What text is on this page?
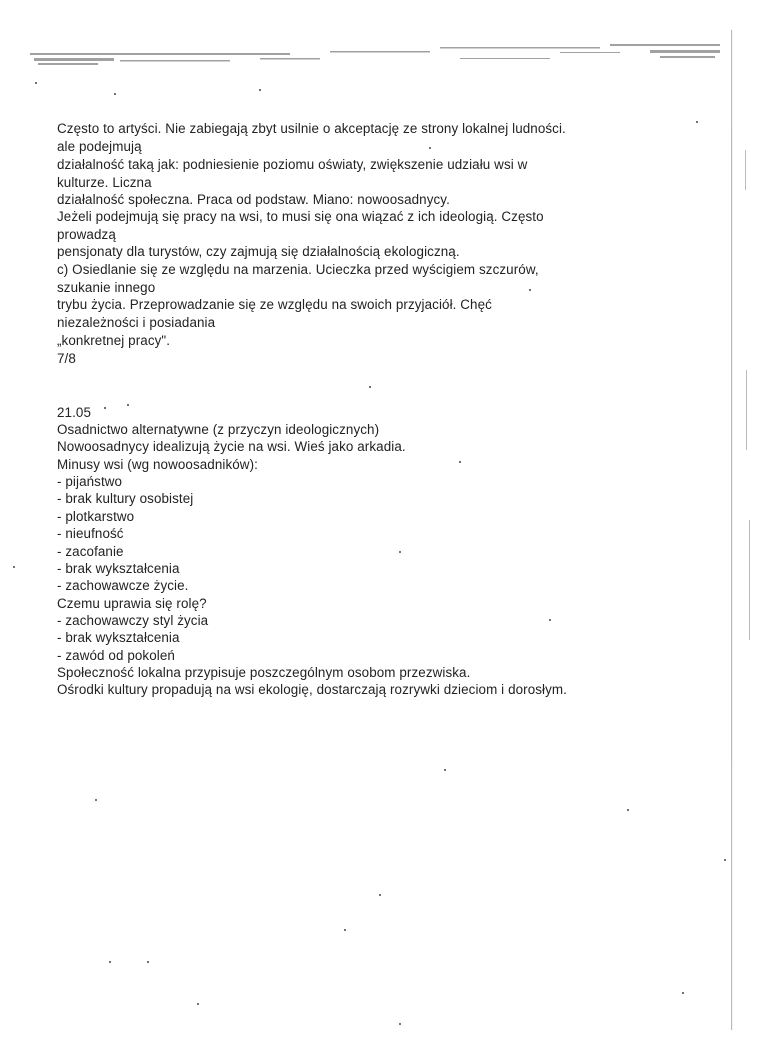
Często to artyści. Nie zabiegają zbyt usilnie o akceptację ze strony lokalnej ludności.
ale podejmują
działalność taką jak: podniesienie poziomu oświaty, zwiększenie udziału wsi w
kulturze. Liczna
działalność społeczna. Praca od podstaw. Miano: nowoosadnycy.
Jeżeli podejmują się pracy na wsi, to musi się ona wiązać z ich ideologią. Często
prowadzą
pensjonaty dla turystów, czy zajmują się działalnością ekologiczną.
c) Osiedlanie się ze względu na marzenia. Ucieczka przed wyścigiem szczurów,
szukanie innego
trybu życia. Przeprowadzanie się ze względu na swoich przyjaciół. Chęć
niezależności i posiadania
„konkretnej pracy".
7/8
21.05
Osadnictwo alternatywne (z przyczyn ideologicznych)
Nowoosadnycy idealizują życie na wsi. Wieś jako arkadia.
Minusy wsi (wg nowoosadników):
- pijaństwo
- brak kultury osobistej
- plotkarstwo
- nieufność
- zacofanie
- brak wykształcenia
- zachowawcze życie.
Czemu uprawia się rolę?
- zachowawczy styl życia
- brak wykształcenia
- zawód od pokoleń
Społeczność lokalna przypisuje poszczególnym osobom przezwiska.
Ośrodki kultury propadują na wsi ekologię, dostarczają rozrywki dzieciom i dorosłym.
